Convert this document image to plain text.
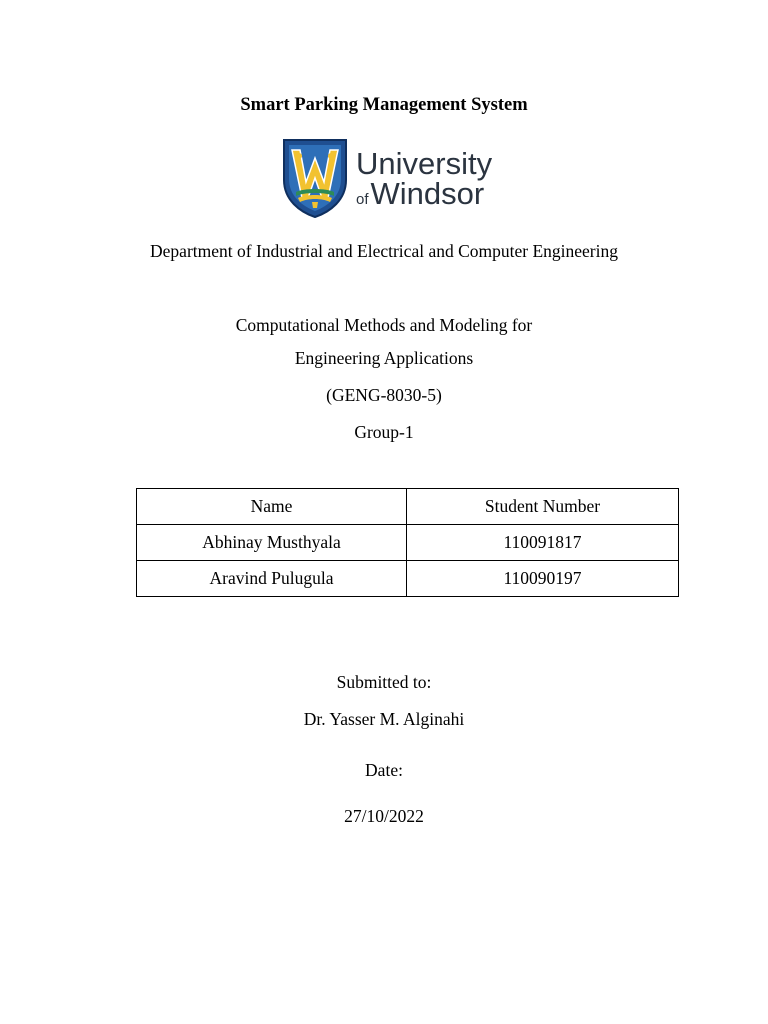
Smart Parking Management System
University
ofWindsor
Department of Industrial and Electrical and Computer Engineering
Computational Methods and Modeling for
Engineering Applications
(GENG-8030-5)
Group-1
Name	Student Number
Abhinay Musthyala	110091817
Aravind Pulugula	110090197
Submitted to:
Dr. Yasser M. Alginahi
Date:
27/10/2022
